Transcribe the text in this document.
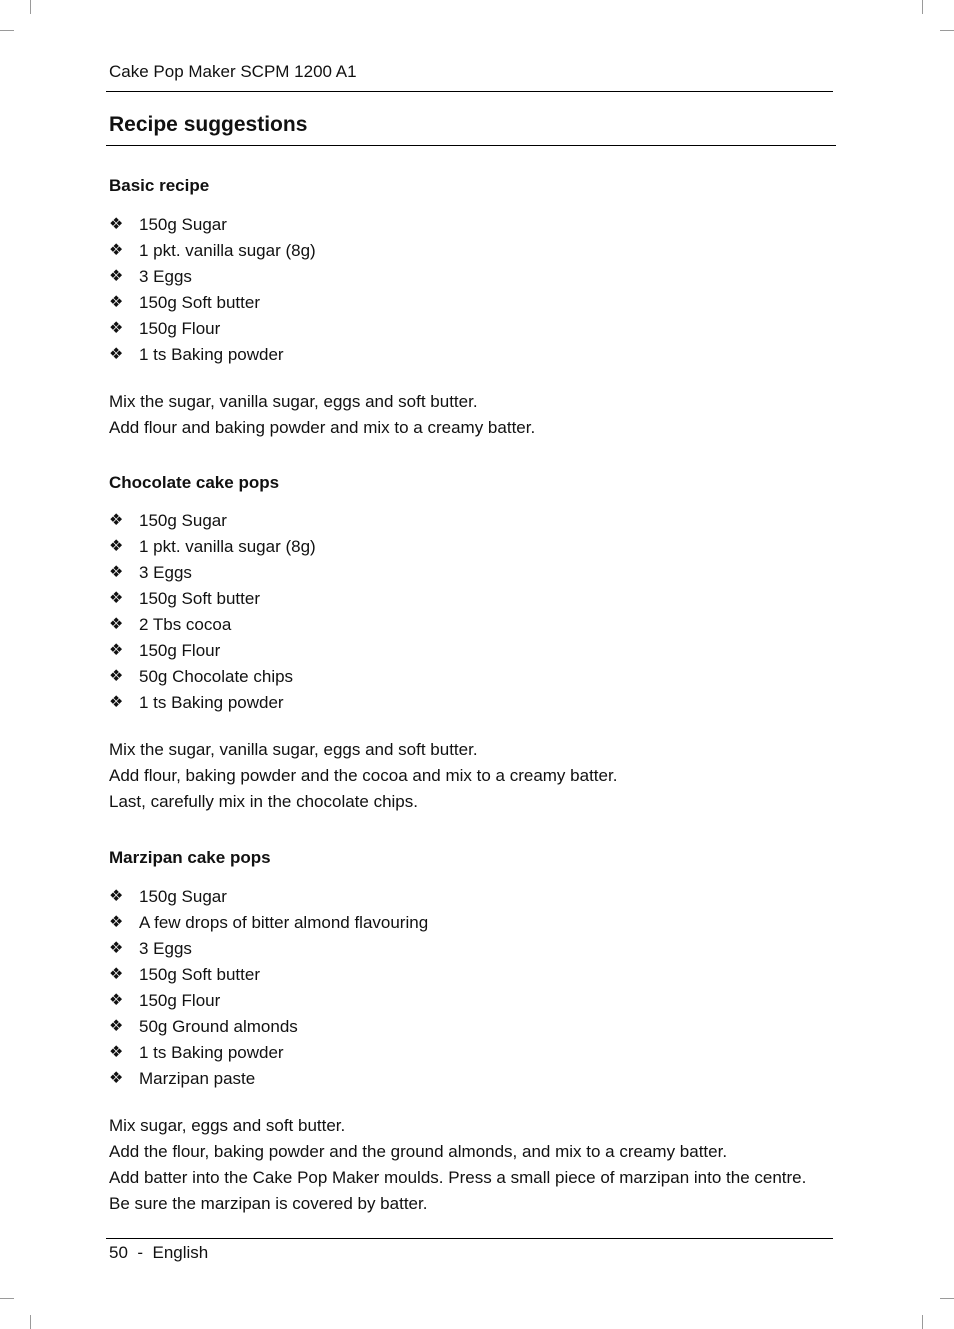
Cake Pop Maker SCPM 1200 A1
Recipe suggestions
Basic recipe
❖ 150g Sugar
❖ 1 pkt. vanilla sugar (8g)
❖ 3 Eggs
❖ 150g Soft butter
❖ 150g Flour
❖ 1 ts Baking powder
Mix the sugar, vanilla sugar, eggs and soft butter.
Add flour and baking powder and mix to a creamy batter.
Chocolate cake pops
❖ 150g Sugar
❖ 1 pkt. vanilla sugar (8g)
❖ 3 Eggs
❖ 150g Soft butter
❖ 2 Tbs cocoa
❖ 150g Flour
❖ 50g Chocolate chips
❖ 1 ts Baking powder
Mix the sugar, vanilla sugar, eggs and soft butter.
Add flour, baking powder and the cocoa and mix to a creamy batter.
Last, carefully mix in the chocolate chips.
Marzipan cake pops
❖ 150g Sugar
❖ A few drops of bitter almond flavouring
❖ 3 Eggs
❖ 150g Soft butter
❖ 150g Flour
❖ 50g Ground almonds
❖ 1 ts Baking powder
❖ Marzipan paste
Mix sugar, eggs and soft butter.
Add the flour, baking powder and the ground almonds, and mix to a creamy batter.
Add batter into the Cake Pop Maker moulds. Press a small piece of marzipan into the centre.
Be sure the marzipan is covered by batter.
50 - English
